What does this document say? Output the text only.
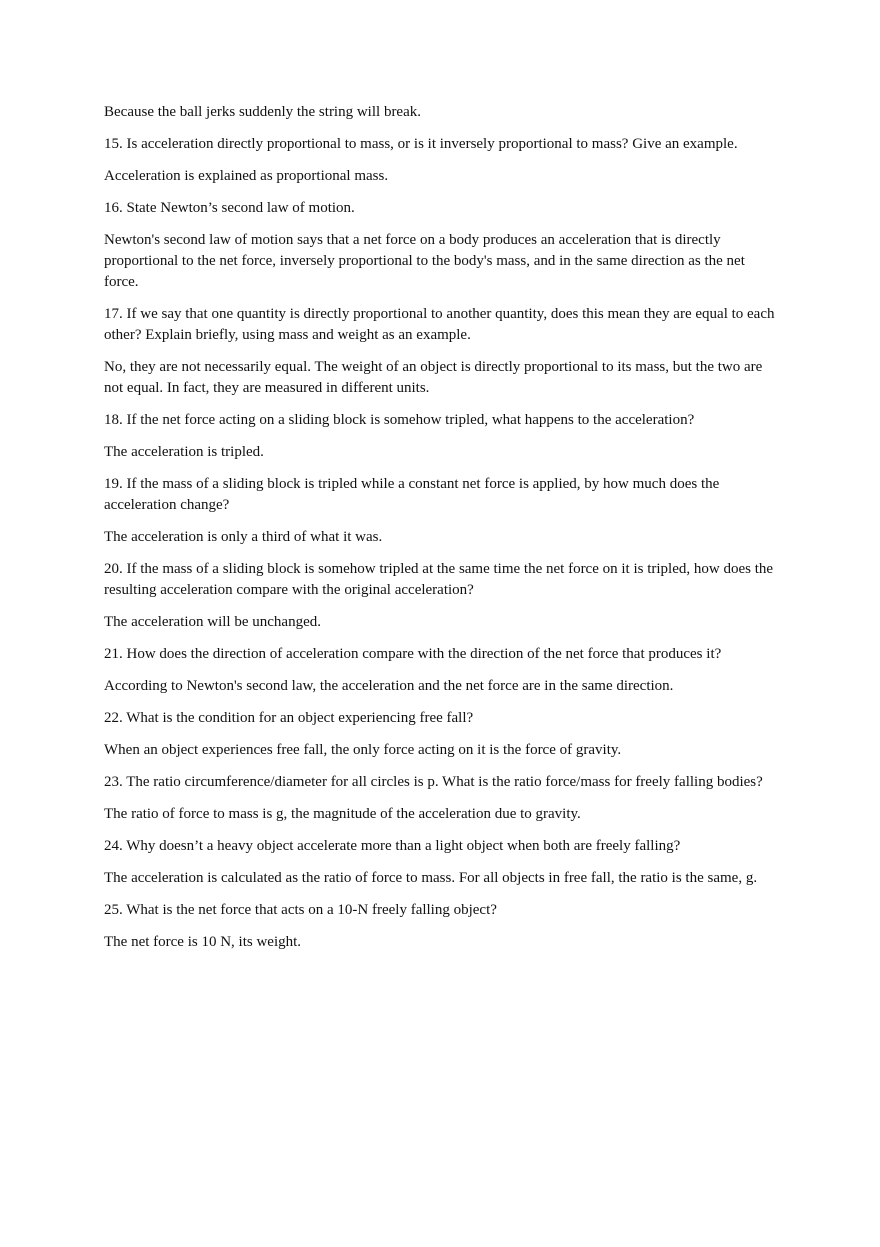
Because the ball jerks suddenly the string will break.

15. Is acceleration directly proportional to mass, or is it inversely proportional to mass? Give an example.

Acceleration is explained as proportional mass.

16. State Newton’s second law of motion.

Newton's second law of motion says that a net force on a body produces an acceleration that is directly proportional to the net force, inversely proportional to the body's mass, and in the same direction as the net force.

17. If we say that one quantity is directly proportional to another quantity, does this mean they are equal to each other? Explain briefly, using mass and weight as an example.

No, they are not necessarily equal. The weight of an object is directly proportional to its mass, but the two are not equal. In fact, they are measured in different units.

18. If the net force acting on a sliding block is somehow tripled, what happens to the acceleration?

The acceleration is tripled.

19. If the mass of a sliding block is tripled while a constant net force is applied, by how much does the acceleration change?

The acceleration is only a third of what it was.

20. If the mass of a sliding block is somehow tripled at the same time the net force on it is tripled, how does the resulting acceleration compare with the original acceleration?

The acceleration will be unchanged.

21. How does the direction of acceleration compare with the direction of the net force that produces it?

According to Newton's second law, the acceleration and the net force are in the same direction.

22. What is the condition for an object experiencing free fall?

When an object experiences free fall, the only force acting on it is the force of gravity.

23. The ratio circumference/diameter for all circles is p. What is the ratio force/mass for freely falling bodies?

The ratio of force to mass is g, the magnitude of the acceleration due to gravity.

24. Why doesn’t a heavy object accelerate more than a light object when both are freely falling?

The acceleration is calculated as the ratio of force to mass. For all objects in free fall, the ratio is the same, g.

25. What is the net force that acts on a 10-N freely falling object?

The net force is 10 N, its weight.
